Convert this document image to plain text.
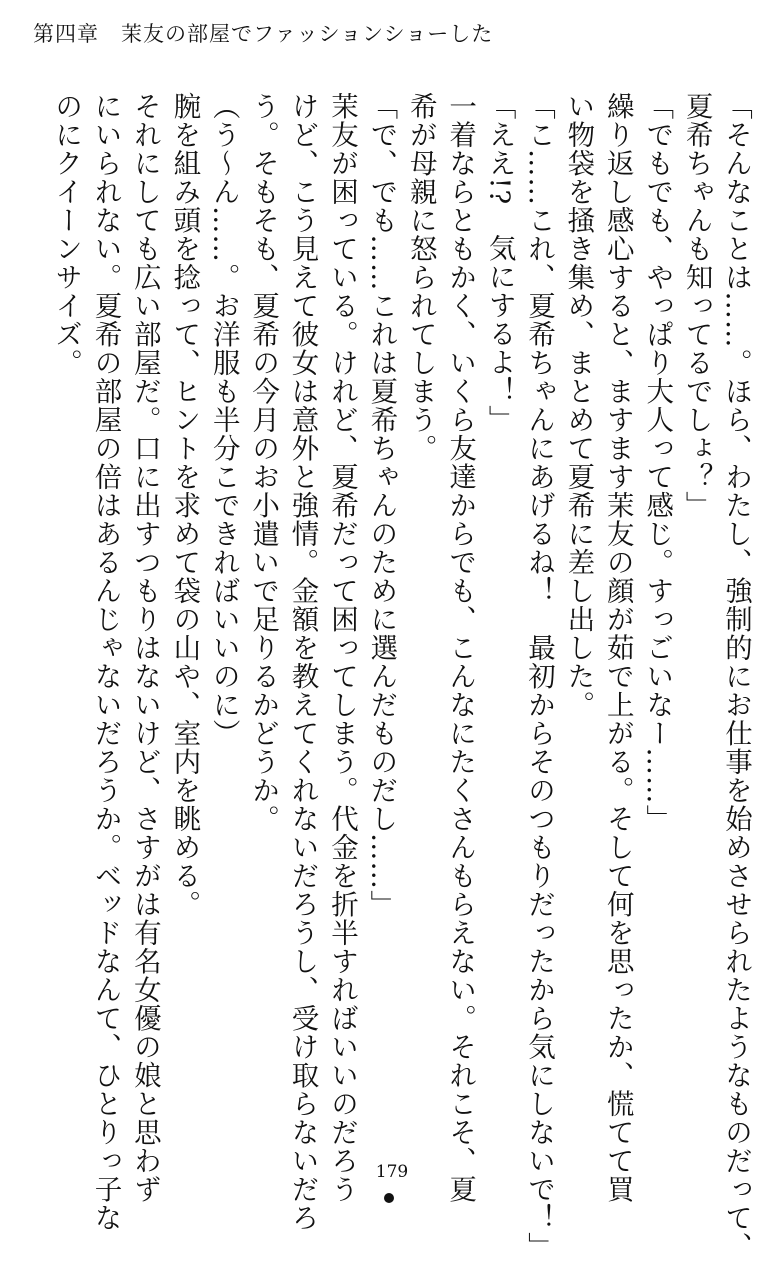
第四章　茉友の部屋でファッションショーした
「そんなことは……。ほら、わたし、強制的にお仕事を始めさせられたようなものだって、
夏希ちゃんも知ってるでしょ？」
「でもでも、やっぱり大人って感じ。すっごいなー……」
繰り返し感心すると、ますます茉友の顔が茹で上がる。そして何を思ったか、慌てて買
い物袋を掻き集め、まとめて夏希に差し出した。
「こ……これ、夏希ちゃんにあげるね！　最初からそのつもりだったから気にしないで！」
「ええ!?　気にするよ！」
一着ならともかく、いくら友達からでも、こんなにたくさんもらえない。それこそ、夏
希が母親に怒られてしまう。
「で、でも……これは夏希ちゃんのために選んだものだし……」
茉友が困っている。けれど、夏希だって困ってしまう。代金を折半すればいいのだろう
けど、こう見えて彼女は意外と強情。金額を教えてくれないだろうし、受け取らないだろ
う。そもそも、夏希の今月のお小遣いで足りるかどうか。
（う～ん……。お洋服も半分こできればいいのに）
腕を組み頭を捻って、ヒントを求めて袋の山や、室内を眺める。
それにしても広い部屋だ。口に出すつもりはないけど、さすがは有名女優の娘と思わず
にいられない。夏希の部屋の倍はあるんじゃないだろうか。ベッドなんて、ひとりっ子な
のにクイーンサイズ。
179
